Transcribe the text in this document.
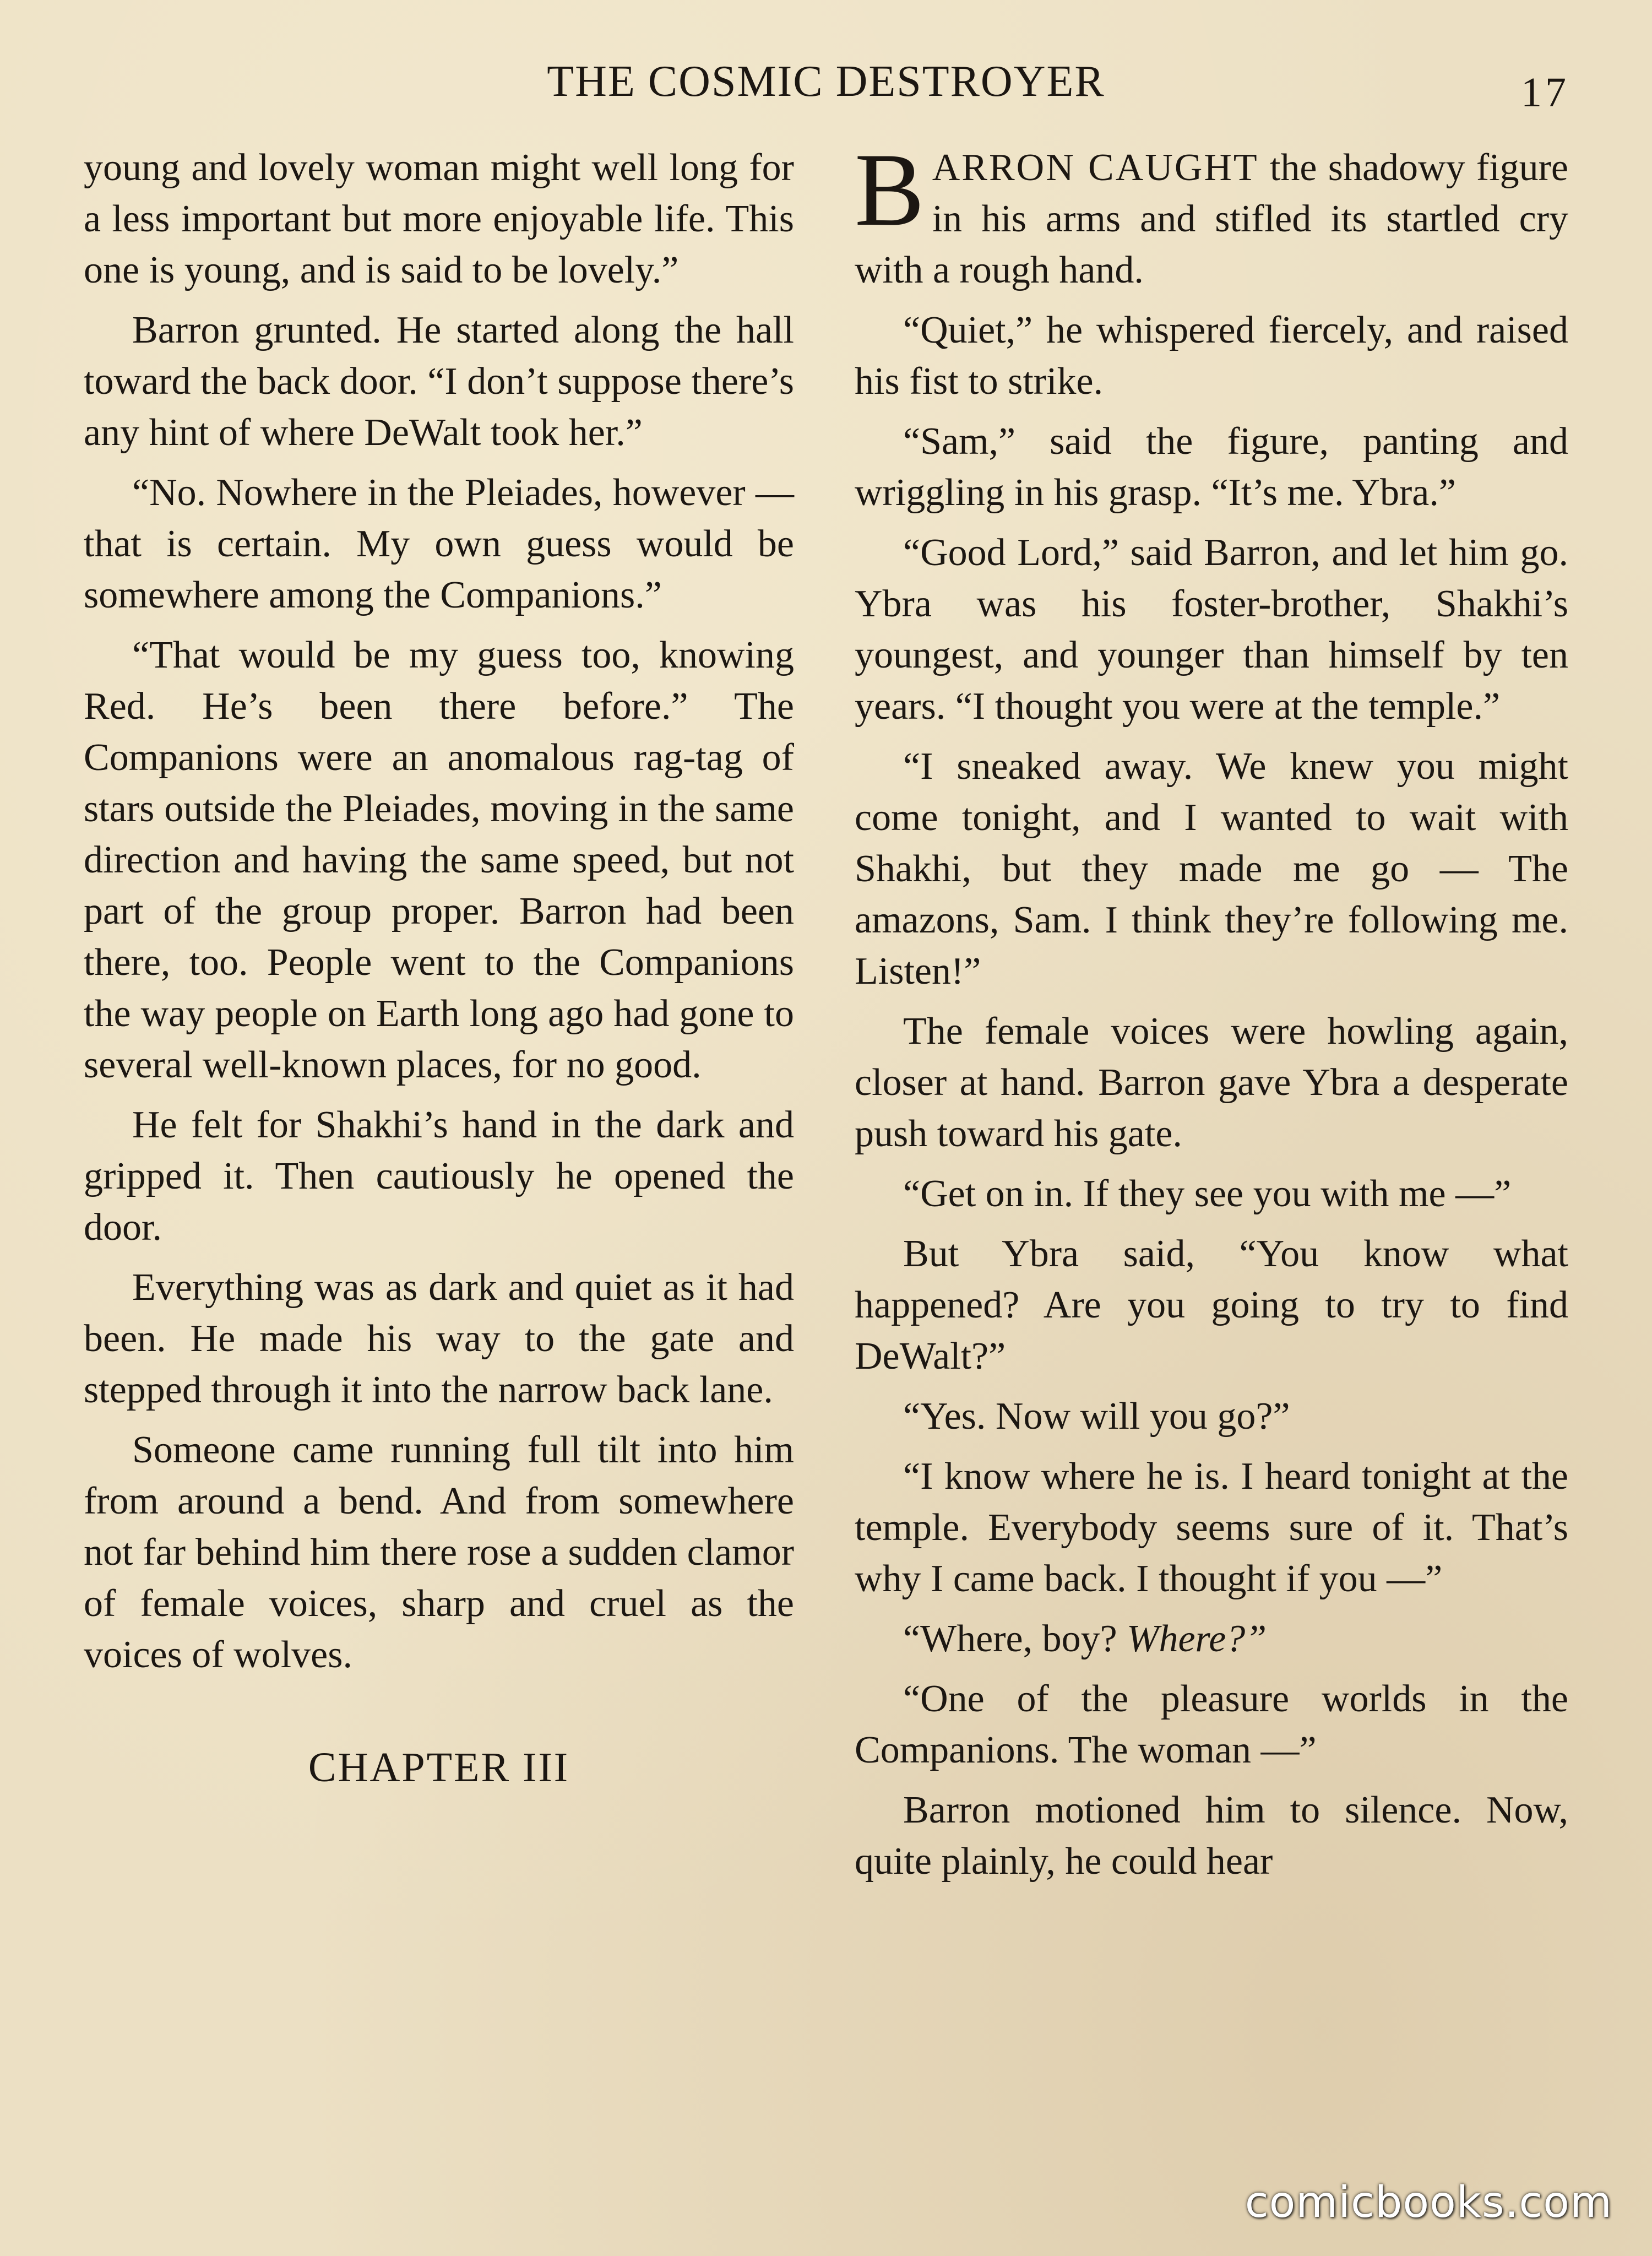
THE COSMIC DESTROYER	17

young and lovely woman might well long for a less important but more enjoyable life. This one is young, and is said to be lovely.”

Barron grunted. He started along the hall toward the back door. “I don’t suppose there’s any hint of where DeWalt took her.”

“No. Nowhere in the Pleiades, however — that is certain. My own guess would be somewhere among the Companions.”

“That would be my guess too, knowing Red. He’s been there before.” The Companions were an anomalous rag-tag of stars outside the Pleiades, moving in the same direction and having the same speed, but not part of the group proper. Barron had been there, too. People went to the Companions the way people on Earth long ago had gone to several well-known places, for no good.

He felt for Shakhi’s hand in the dark and gripped it. Then cautiously he opened the door.

Everything was as dark and quiet as it had been. He made his way to the gate and stepped through it into the narrow back lane.

Someone came running full tilt into him from around a bend. And from somewhere not far behind him there rose a sudden clamor of female voices, sharp and cruel as the voices of wolves.

CHAPTER III

BARRON CAUGHT the shadowy figure in his arms and stifled its startled cry with a rough hand.

“Quiet,” he whispered fiercely, and raised his fist to strike.

“Sam,” said the figure, panting and wriggling in his grasp. “It’s me. Ybra.”

“Good Lord,” said Barron, and let him go. Ybra was his foster-brother, Shakhi’s youngest, and younger than himself by ten years. “I thought you were at the temple.”

“I sneaked away. We knew you might come tonight, and I wanted to wait with Shakhi, but they made me go — The amazons, Sam. I think they’re following me. Listen!”

The female voices were howling again, closer at hand. Barron gave Ybra a desperate push toward his gate.

“Get on in. If they see you with me —”

But Ybra said, “You know what happened? Are you going to try to find DeWalt?”

“Yes. Now will you go?”

“I know where he is. I heard tonight at the temple. Everybody seems sure of it. That’s why I came back. I thought if you —”

“Where, boy? Where?”

“One of the pleasure worlds in the Companions. The woman —”

Barron motioned him to silence. Now, quite plainly, he could hear

comicbooks.com
